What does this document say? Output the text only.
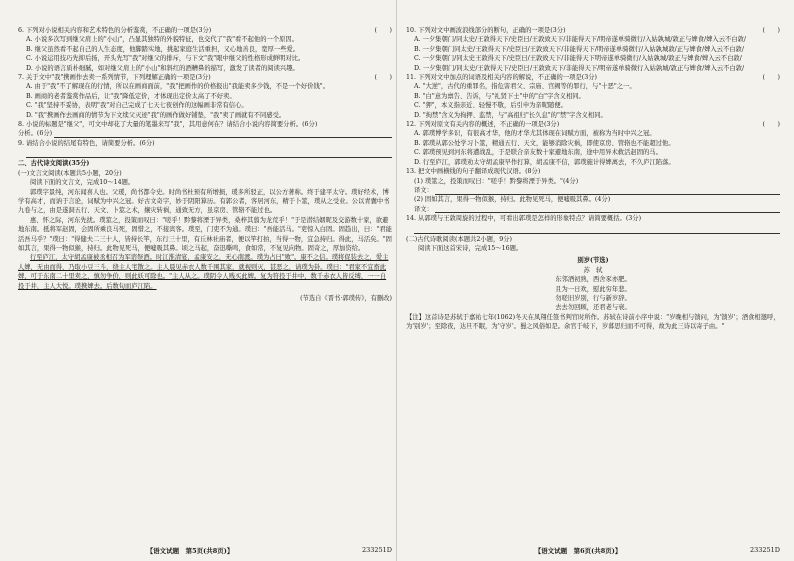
6. 下列对小说相关内容和艺术特色的分析鉴赏，不正确的一项是(3分)	(　　)

A. 小说多次写到继父肩上的"小山"，凸显其独特的外貌特征，也交代了"我"看不起他的一个原因。

B. 继父虽然看不起自己的人生态度，他脚踏实地，挑起家庭生活重担，又心地善良，宽厚一些爱。

C. 小说运用技巧先抑后扬，开头先写"我"对继父的排斥，与下文"我"眼中继父的性格形成鲜明对比。

D. 小说的语言质朴细腻，如对继父肩上的"小山"和斜红的酒糟鼻的描写，激发了读者的阅读兴趣。

7. 关于文中"我"携画作去卖一系列情节，下列理解正确的一项是(3分)	(　　)

A. 由于"我"不了解现在的行情，所以在画商面前，"我"把画作的价格报出"我能卖多少钱，不是一个好价钱"。

B. 画商的老者鉴赏作品后，让"我"降低定价，才体现出定价太高了不好卖。

C. "我"坚持不妥协，表明"我"对自己完成了七天七夜创作的这幅画非常有信心。

D. "我"携画作去画商的情节为下文续父灭迹"我"的画作做好铺垫，"我"卖了画就有不同感受。

8. 小说的标题是"继父"，可文中却花了大量的笔墨来写"我"，其用意何在？请结合小说内容简要分析。(6分)

分析。(6分)

9. 请结合小说的结尾有特色，请简要分析。(6分)

二、古代诗文阅读(35分)

(一)文言文阅读(本题共5小题，20分)

阅读下面的文言文，完成10～14题。

郭璞字景纯，河东闻喜人也。父瑗，尚书都令史。时尚书杜预有所增损，瑗多所驳正，以公方著称。终于建平太守。璞好经术，博学有高才，而讷于言论，词赋为中兴之冠。好古文奇字，妙于阴阳算历。有郭公者，客居河东，精于卜筮，璞从之受业。公以青囊中书九卷与之，由是遂洞五行、天文、卜筮之术，攘灾转祸，通致无方，虽京房、管辂不能过也。

惠、怀之际，河东先扰。璞筮之，投策而叹曰："嗟乎！黔黎将湮于异类，桑梓其翦为龙荒乎！"于是潜结姻昵及交游数十家，欲避地东南。抵将军赵固，会固所乘良马死，固惜之，不接宾客。璞至，门吏不为通。璞曰："吾能活马。"吏惊入白固。固趋出，曰："君能活吾马乎？"璞曰："得健夫二三十人，皆持长竿，东行三十里，有丘林社庙者，便以竿打拍，当得一物，宜急持归。得此，马活矣。"固如其言，果得一物似猴，持归。此物见死马，便嘘吸其鼻。顷之马起，奋迅嘶鸣，食如常，不复见向物。固奇之，厚加资给。

行至庐江，太守胡孟康被丞相召为军谘祭酒。时江淮清宴，孟康安之，无心南渡。璞为占曰"败"。康不之信。璞将促装去之，爱主人婢，无由而得，乃取小豆三斗，绕主人宅散之。主人晨见赤衣人数千围其家，就视则灭，甚恶之，请璞为卦。璞曰："君家不宜畜此婢，可于东南二十里卖之，慎勿争价，则此妖可除也。"主人从之。璞阴令人贱买此婢。复为符投于井中，数千赤衣人皆反缚，一一自投于井，主人大悦。璞携婢去。后数旬而庐江陷。

(节选自《晋书·郭璞传》，有删改)

【语文试题　第5页(共8页)】	233251D

10. 下列对文中画波浪线部分的断句，正确的一项是(3分)	(　　)

A. 一夕集朝门/同太史/王敦得天下/史臣曰/王敦致天下/非能得天下/明帝遂单骑微行/入姑孰城/敦正与婢食/婢入云不白敦/

B. 一夕集朝门同太史/王敦得天下/史臣曰/王敦致天下/非能得天下/明帝遂单骑微行/入姑孰城敦/正与婢食/婢入云不白敦/

C. 一夕集朝门/同太史王敦得天下/史臣曰/王敦致天下/非能得天下明帝遂单骑微行/入姑孰城/敦正与婢食/婢入云不白敦/

D. 一夕集朝门/同太史/王敦得天下/史臣曰/王敦致天下/非能得天下/明帝遂单骑微行入姑孰城/敦正与婢食/婢入云不白敦/

11. 下列对文中加点的词语及相关内容的解说，不正确的一项是(3分)	(　　)

A. "大逆"，古代的重罪名，指危害君父、宗庙、宫阙等的罪行，与"十恶"之一。

B. "白"意为禀告、告诉，与"礼贤下士"中的"白"字含义相同。

C. "狎"，本义指亲近、轻慢不敬，后引申为亲昵随便。

D. "拘禁"含义为拘押、监禁，与"高祖归"长久息"的"禁"字含义相同。

12. 下列对原文有关内容的概述，不正确的一项是(3分)	(　　)

A. 郭璞博学多识，有很高才华，他的才华尤其体现在词赋方面，被称为当时中兴之冠。

B. 郭璞从郭公处学习卜筮，精通五行、天文，能够消除灾祸，即使京房、管辂也不能超过他。

C. 郭璞预见到河东将遭战乱，于是联合亲友数十家避地东南，途中用异术救活赵固的马。

D. 行至庐江，郭璞劝太守胡孟康早作打算，胡孟康不信，郭璞施计得婢离去，不久庐江陷落。

13. 把文中画横线的句子翻译成现代汉语。(8分)

(1) 璞筮之，投策而叹曰："嗟乎！黔黎将湮于异类。"(4分)

译文：

(2) 固如其言，果得一物似猴，持归。此物见死马，便嘘吸其鼻。(4分)

译文：

14. 从郭璞与王敦周旋的过程中，可看出郭璞是怎样的形象特点？请简要概括。(3分)

(二)古代诗歌阅读(本题共2小题，9分)

阅读下面这首宋诗，完成15～16题。

别岁(节选)

苏　轼

东邻酒初熟，西舍豕亦肥。

且为一日欢，慰此穷年悲。

勿嗟旧岁别，行与新岁辞。

去去勿回顾，还君老与衰。

【注】这首诗是苏轼于嘉祐七年(1062)冬天在凤翔任签书判官时所作。苏轼在诗前小序中说："岁晚相与馈问，为'馈岁'；酒食相邀呼，为'别岁'；至除夜，达旦不眠，为'守岁'。蜀之风俗如是。余官于岐下，岁暮思归而不可得，故为此三诗以寄子由。"

【语文试题　第6页(共8页)】	233251D
